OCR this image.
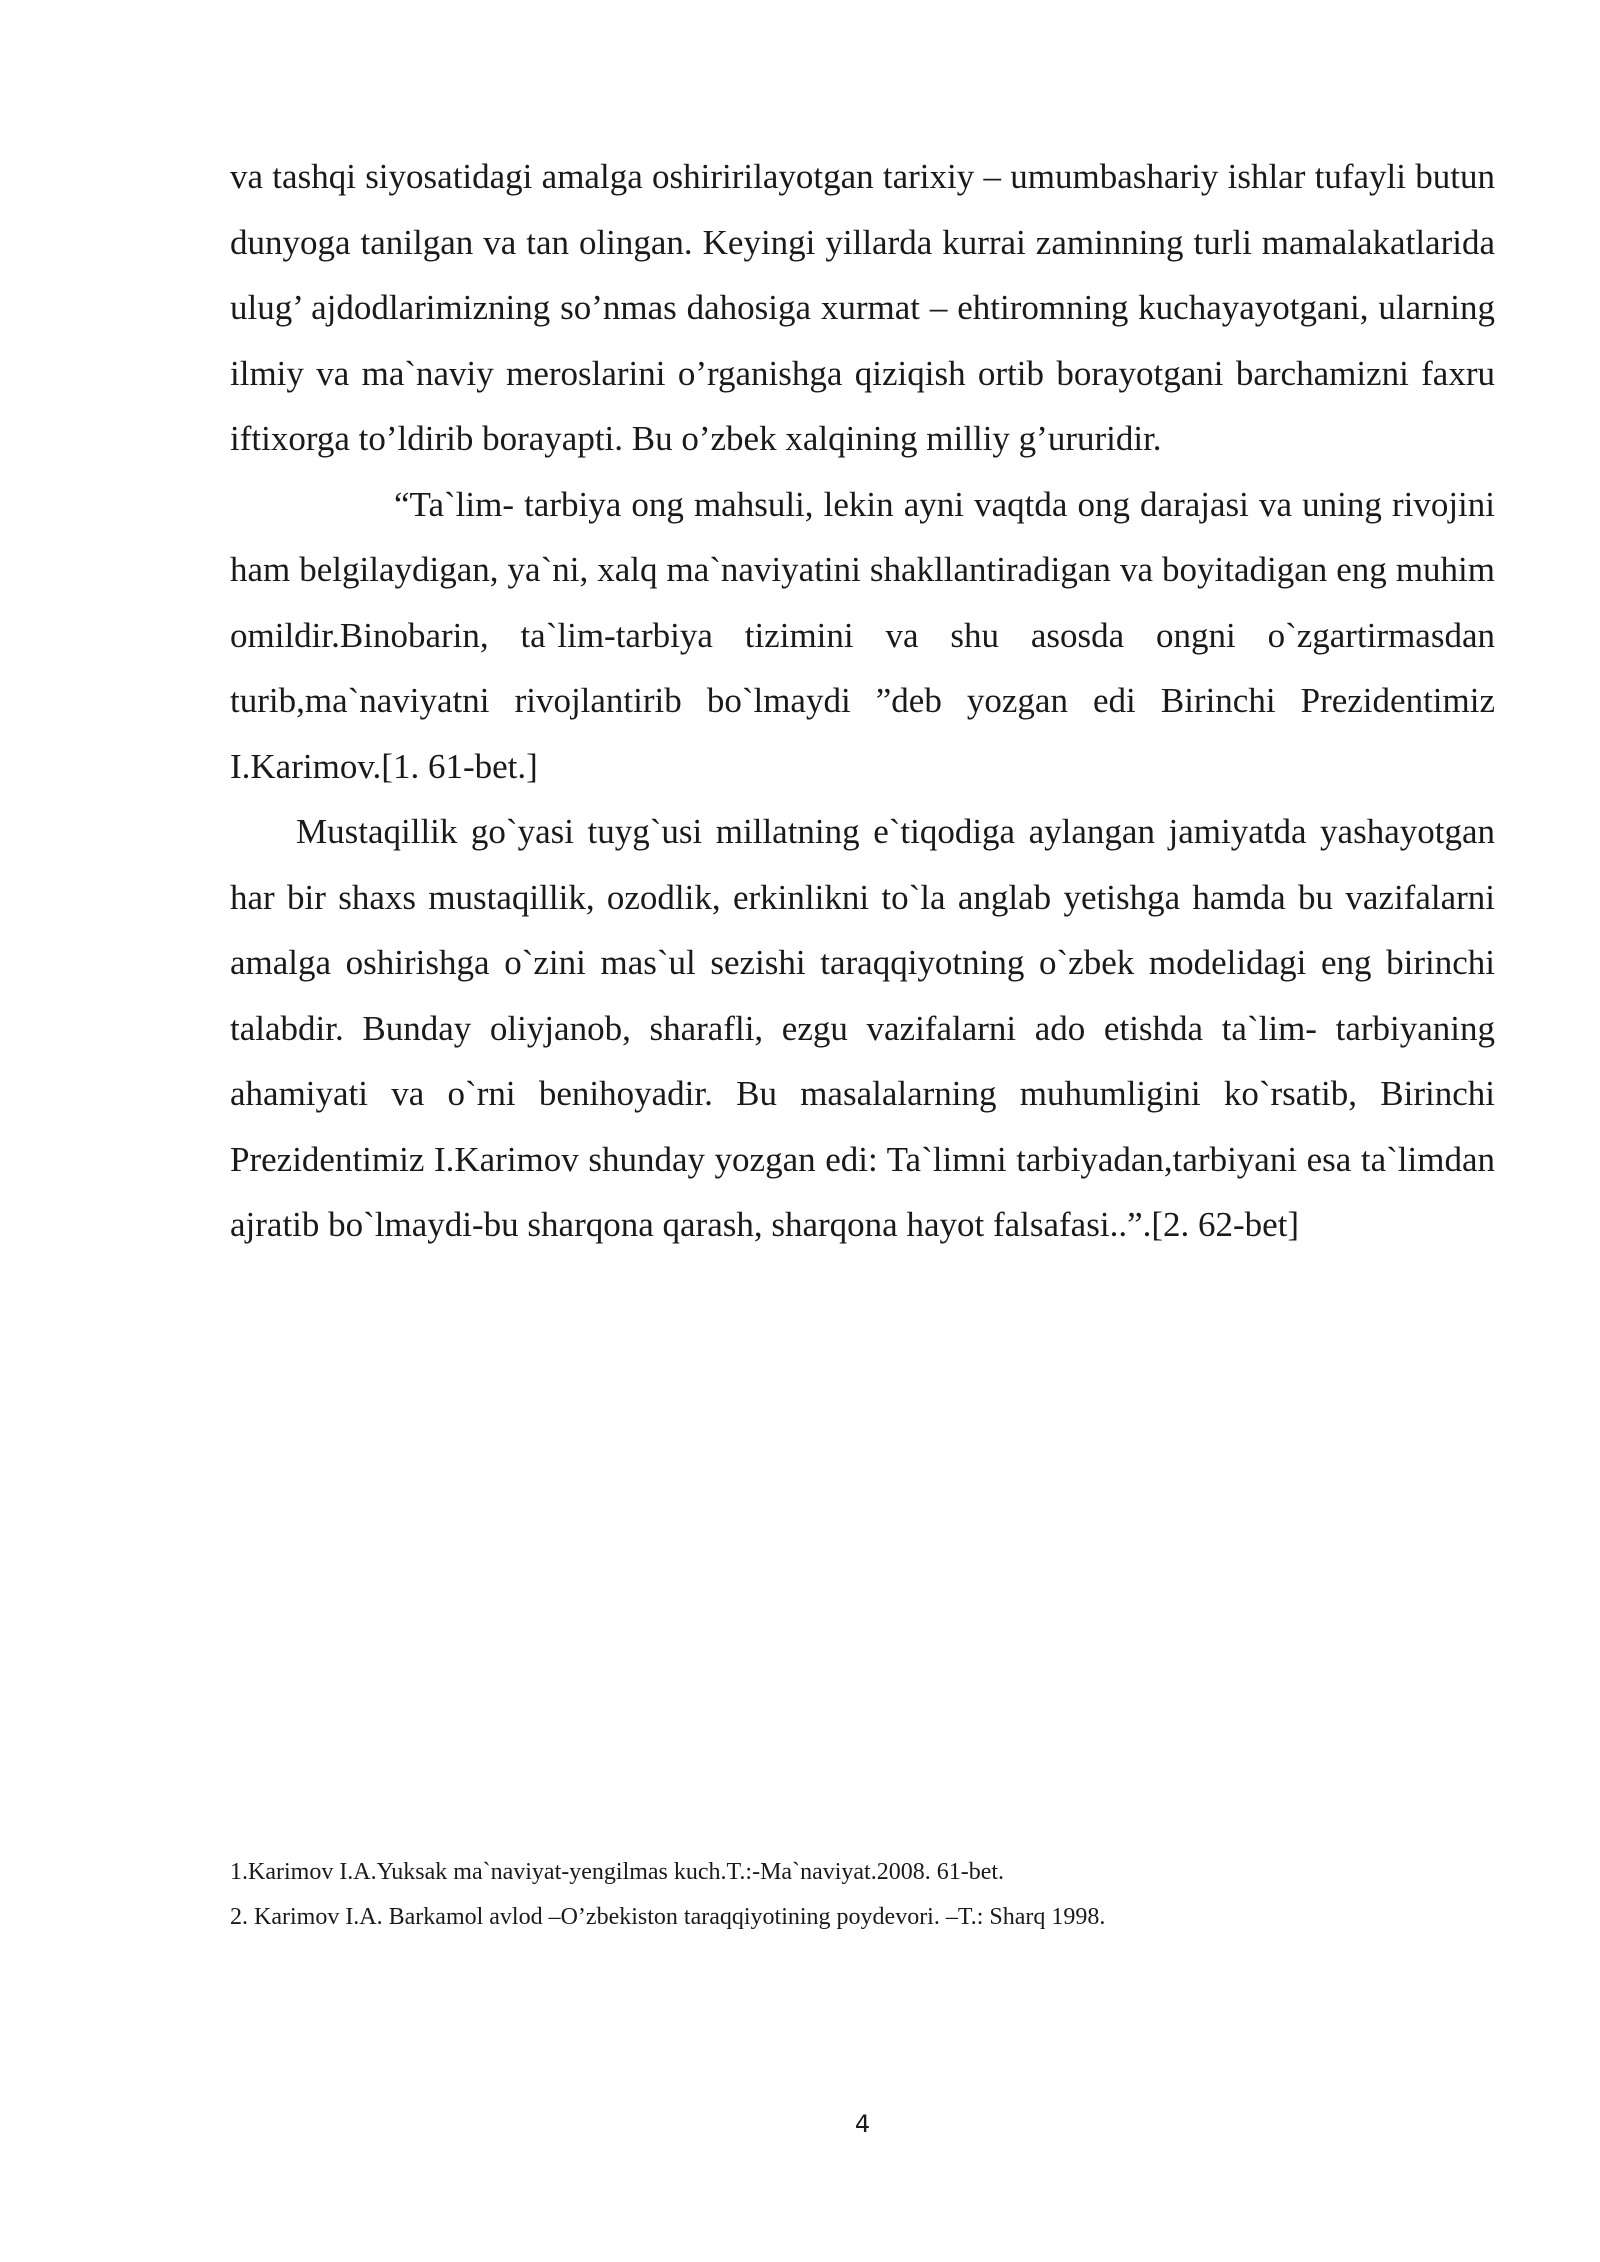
va tashqi siyosatidagi amalga oshiririlayotgan tarixiy – umumbashariy ishlar tufayli butun dunyoga tanilgan va tan olingan. Keyingi yillarda kurrai zaminning turli mamalakatlarida ulug’ ajdodlarimizning so’nmas dahosiga xurmat – ehtiromning kuchayayotgani, ularning ilmiy va ma`naviy meroslarini o’rganishga qiziqish ortib borayotgani barchamizni faxru iftixorga to’ldirib borayapti. Bu o’zbek xalqining milliy g’ururidir.

“Ta`lim- tarbiya ong mahsuli, lekin ayni vaqtda ong darajasi va uning rivojini ham belgilaydigan, ya`ni, xalq ma`naviyatini shakllantiradigan va boyitadigan eng muhim omildir.Binobarin, ta`lim-tarbiya tizimini va shu asosda ongni o`zgartirmasdan turib,ma`naviyatni rivojlantirib bo`lmaydi ”deb yozgan edi Birinchi Prezidentimiz I.Karimov.[1. 61-bet.]

Mustaqillik go`yasi tuyg`usi millatning e`tiqodiga aylangan jamiyatda yashayotgan har bir shaxs mustaqillik, ozodlik, erkinlikni to`la anglab yetishga hamda bu vazifalarni amalga oshirishga o`zini mas`ul sezishi taraqqiyotning o`zbek modelidagi eng birinchi talabdir. Bunday oliyjanob, sharafli, ezgu vazifalarni ado etishda ta`lim- tarbiyaning ahamiyati va o`rni benihoyadir. Bu masalalarning muhumligini ko`rsatib, Birinchi Prezidentimiz I.Karimov shunday yozgan edi: Ta`limni tarbiyadan,tarbiyani esa ta`limdan ajratib bo`lmaydi-bu sharqona qarash, sharqona hayot falsafasi..”.[2. 62-bet]

1.Karimov I.A.Yuksak ma`naviyat-yengilmas kuch.T.:-Ma`naviyat.2008. 61-bet.

2. Karimov I.A. Barkamol avlod –O’zbekiston taraqqiyotining poydevori. –T.: Sharq 1998.

4
